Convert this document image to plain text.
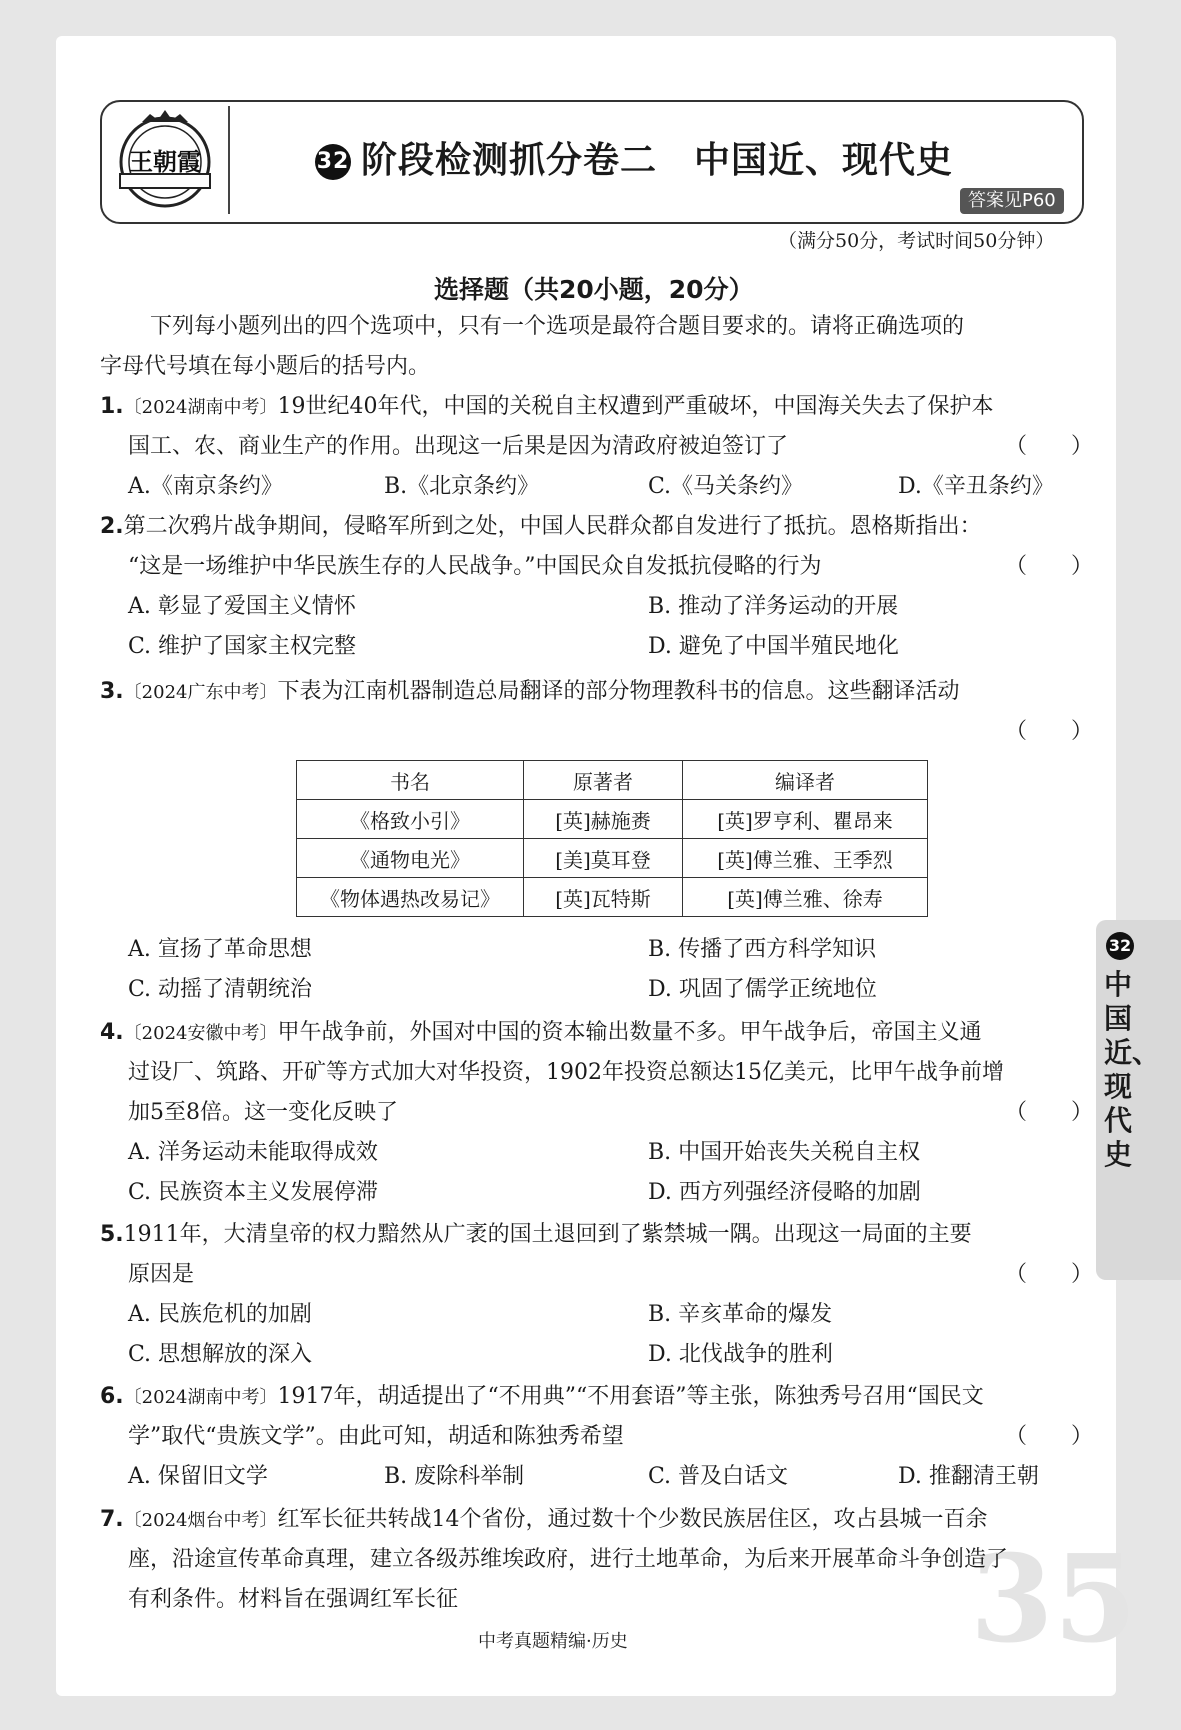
王朝霞	32 阶段检测抓分卷二　中国近、现代史
答案见P60
（满分50分，考试时间50分钟）
选择题（共20小题，20分）
下列每小题列出的四个选项中，只有一个选项是最符合题目要求的。请将正确选项的
字母代号填在每小题后的括号内。
1.〔2024湖南中考〕19世纪40年代，中国的关税自主权遭到严重破坏，中国海关失去了保护本
国工、农、商业生产的作用。出现这一后果是因为清政府被迫签订了	（　　）
A.《南京条约》	B.《北京条约》	C.《马关条约》	D.《辛丑条约》
2.第二次鸦片战争期间，侵略军所到之处，中国人民群众都自发进行了抵抗。恩格斯指出：
“这是一场维护中华民族生存的人民战争。”中国民众自发抵抗侵略的行为	（　　）
A. 彰显了爱国主义情怀	B. 推动了洋务运动的开展
C. 维护了国家主权完整	D. 避免了中国半殖民地化
3.〔2024广东中考〕下表为江南机器制造总局翻译的部分物理教科书的信息。这些翻译活动
（　　）
书名	原著者	编译者
《格致小引》	[英]赫施赉	[英]罗亨利、瞿昂来
《通物电光》	[美]莫耳登	[英]傅兰雅、王季烈
《物体遇热改易记》	[英]瓦特斯	[英]傅兰雅、徐寿
A. 宣扬了革命思想	B. 传播了西方科学知识
C. 动摇了清朝统治	D. 巩固了儒学正统地位
4.〔2024安徽中考〕甲午战争前，外国对中国的资本输出数量不多。甲午战争后，帝国主义通
过设厂、筑路、开矿等方式加大对华投资，1902年投资总额达15亿美元，比甲午战争前增
加5至8倍。这一变化反映了	（　　）
A. 洋务运动未能取得成效	B. 中国开始丧失关税自主权
C. 民族资本主义发展停滞	D. 西方列强经济侵略的加剧
5.1911年，大清皇帝的权力黯然从广袤的国土退回到了紫禁城一隅。出现这一局面的主要
原因是	（　　）
A. 民族危机的加剧	B. 辛亥革命的爆发
C. 思想解放的深入	D. 北伐战争的胜利
6.〔2024湖南中考〕1917年，胡适提出了“不用典”“不用套语”等主张，陈独秀号召用“国民文
学”取代“贵族文学”。由此可知，胡适和陈独秀希望	（　　）
A. 保留旧文学	B. 废除科举制	C. 普及白话文	D. 推翻清王朝
35
7.〔2024烟台中考〕红军长征共转战14个省份，通过数十个少数民族居住区，攻占县城一百余
座，沿途宣传革命真理，建立各级苏维埃政府，进行土地革命，为后来开展革命斗争创造了
有利条件。材料旨在强调红军长征
32
中国近、现代史
中考真题精编·历史
